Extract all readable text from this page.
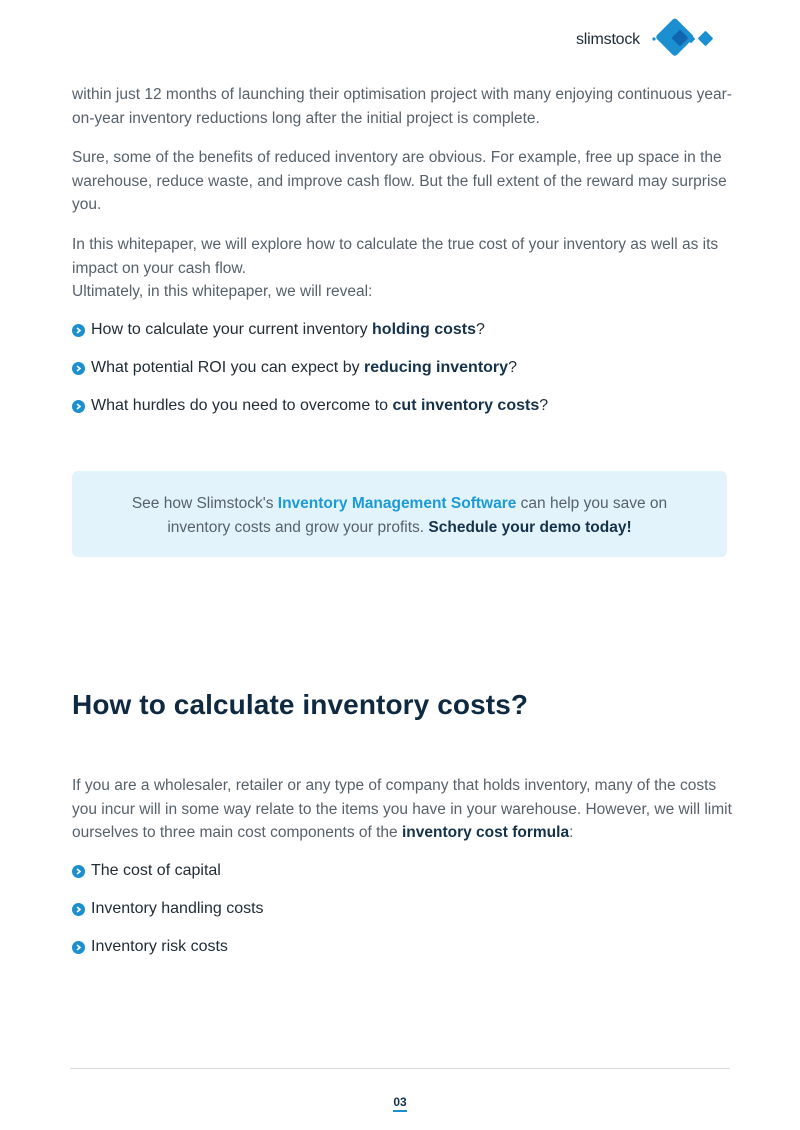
slimstock

within just 12 months of launching their optimisation project with many enjoying continuous year-on-year inventory reductions long after the initial project is complete.

Sure, some of the benefits of reduced inventory are obvious. For example, free up space in the warehouse, reduce waste, and improve cash flow. But the full extent of the reward may surprise you.

In this whitepaper, we will explore how to calculate the true cost of your inventory as well as its impact on your cash flow.
Ultimately, in this whitepaper, we will reveal:

How to calculate your current inventory holding costs?
What potential ROI you can expect by reducing inventory?
What hurdles do you need to overcome to cut inventory costs?
See how Slimstock's Inventory Management Software can help you save on inventory costs and grow your profits. Schedule your demo today!
How to calculate inventory costs?

If you are a wholesaler, retailer or any type of company that holds inventory, many of the costs you incur will in some way relate to the items you have in your warehouse. However, we will limit ourselves to three main cost components of the inventory cost formula:

The cost of capital
Inventory handling costs
Inventory risk costs
03
